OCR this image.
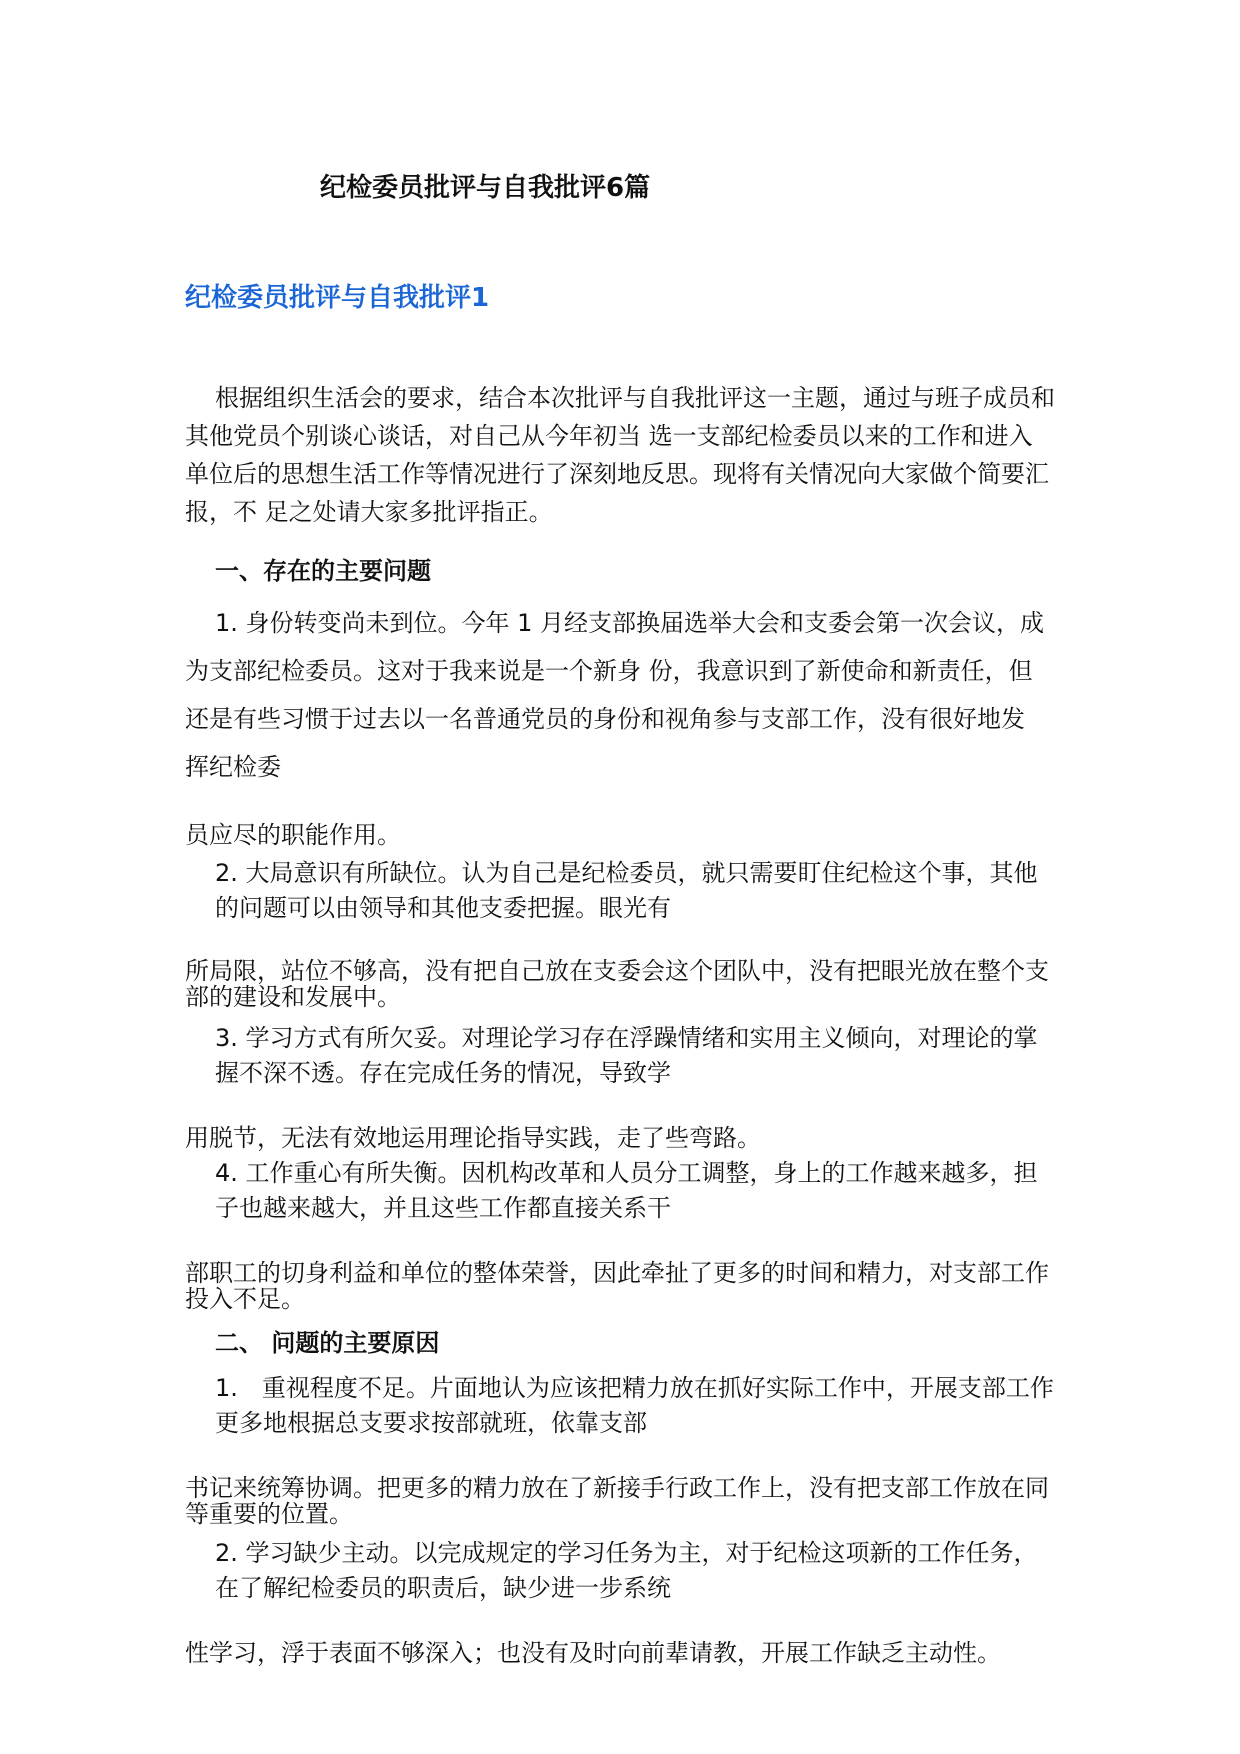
纪检委员批评与自我批评6篇
纪检委员批评与自我批评1

根据组织生活会的要求，结合本次批评与自我批评这一主题，通过与班子成员和

其他党员个别谈心谈话，对自己从今年初当 选一支部纪检委员以来的工作和进入

单位后的思想生活工作等情况进行了深刻地反思。现将有关情况向大家做个简要汇

报，不 足之处请大家多批评指正。

一、存在的主要问题

1. 身份转变尚未到位。今年 1 月经支部换届选举大会和支委会第一次会议，成

为支部纪检委员。这对于我来说是一个新身 份，我意识到了新使命和新责任，但

还是有些习惯于过去以一名普通党员的身份和视角参与支部工作，没有很好地发

挥纪检委

员应尽的职能作用。

2. 大局意识有所缺位。认为自己是纪检委员，就只需要盯住纪检这个事，其他

的问题可以由领导和其他支委把握。眼光有

所局限，站位不够高，没有把自己放在支委会这个团队中，没有把眼光放在整个支

部的建设和发展中。

3. 学习方式有所欠妥。对理论学习存在浮躁情绪和实用主义倾向，对理论的掌

握不深不透。存在完成任务的情况，导致学

用脱节，无法有效地运用理论指导实践，走了些弯路。

4. 工作重心有所失衡。因机构改革和人员分工调整，身上的工作越来越多，担

子也越来越大，并且这些工作都直接关系干

部职工的切身利益和单位的整体荣誉，因此牵扯了更多的时间和精力，对支部工作

投入不足。

二、 问题的主要原因

1.　重视程度不足。片面地认为应该把精力放在抓好实际工作中，开展支部工作

更多地根据总支要求按部就班，依靠支部

书记来统筹协调。把更多的精力放在了新接手行政工作上，没有把支部工作放在同

等重要的位置。

2. 学习缺少主动。以完成规定的学习任务为主，对于纪检这项新的工作任务，

在了解纪检委员的职责后，缺少进一步系统

性学习，浮于表面不够深入；也没有及时向前辈请教，开展工作缺乏主动性。
